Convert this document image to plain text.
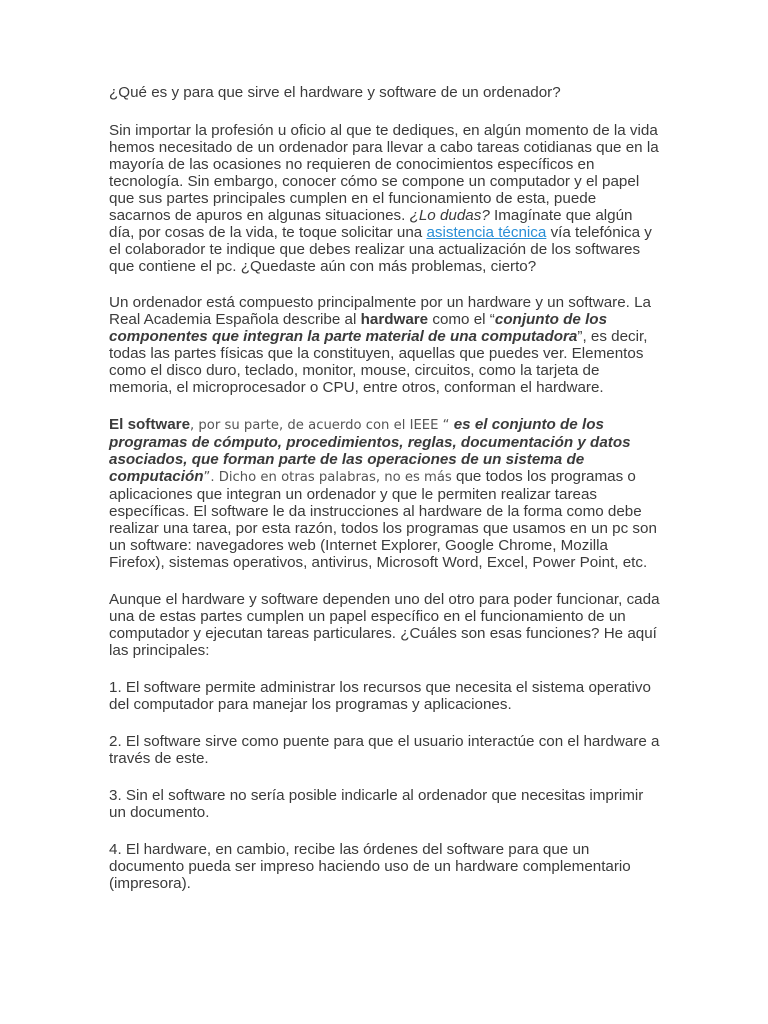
¿Qué es y para que sirve el hardware y software de un ordenador?

Sin importar la profesión u oficio al que te dediques, en algún momento de la vida hemos necesitado de un ordenador para llevar a cabo tareas cotidianas que en la mayoría de las ocasiones no requieren de conocimientos específicos en tecnología. Sin embargo, conocer cómo se compone un computador y el papel que sus partes principales cumplen en el funcionamiento de esta, puede sacarnos de apuros en algunas situaciones. ¿Lo dudas? Imagínate que algún día, por cosas de la vida, te toque solicitar una asistencia técnica vía telefónica y el colaborador te indique que debes realizar una actualización de los softwares que contiene el pc. ¿Quedaste aún con más problemas, cierto?

Un ordenador está compuesto principalmente por un hardware y un software. La Real Academia Española describe al hardware como el “conjunto de los componentes que integran la parte material de una computadora”, es decir, todas las partes físicas que la constituyen, aquellas que puedes ver. Elementos como el disco duro, teclado, monitor, mouse, circuitos, como la tarjeta de memoria, el microprocesador o CPU, entre otros, conforman el hardware.

El software, por su parte, de acuerdo con el IEEE “ es el conjunto de los programas de cómputo, procedimientos, reglas, documentación y datos asociados, que forman parte de las operaciones de un sistema de computación”. Dicho en otras palabras, no es más que todos los programas o aplicaciones que integran un ordenador y que le permiten realizar tareas específicas. El software le da instrucciones al hardware de la forma como debe realizar una tarea, por esta razón, todos los programas que usamos en un pc son un software: navegadores web (Internet Explorer, Google Chrome, Mozilla Firefox), sistemas operativos, antivirus, Microsoft Word, Excel, Power Point, etc.

Aunque el hardware y software dependen uno del otro para poder funcionar, cada una de estas partes cumplen un papel específico en el funcionamiento de un computador y ejecutan tareas particulares. ¿Cuáles son esas funciones? He aquí las principales:

1. El software permite administrar los recursos que necesita el sistema operativo del computador para manejar los programas y aplicaciones.

2. El software sirve como puente para que el usuario interactúe con el hardware a través de este.

3. Sin el software no sería posible indicarle al ordenador que necesitas imprimir un documento.

4. El hardware, en cambio, recibe las órdenes del software para que un documento pueda ser impreso haciendo uso de un hardware complementario (impresora).
